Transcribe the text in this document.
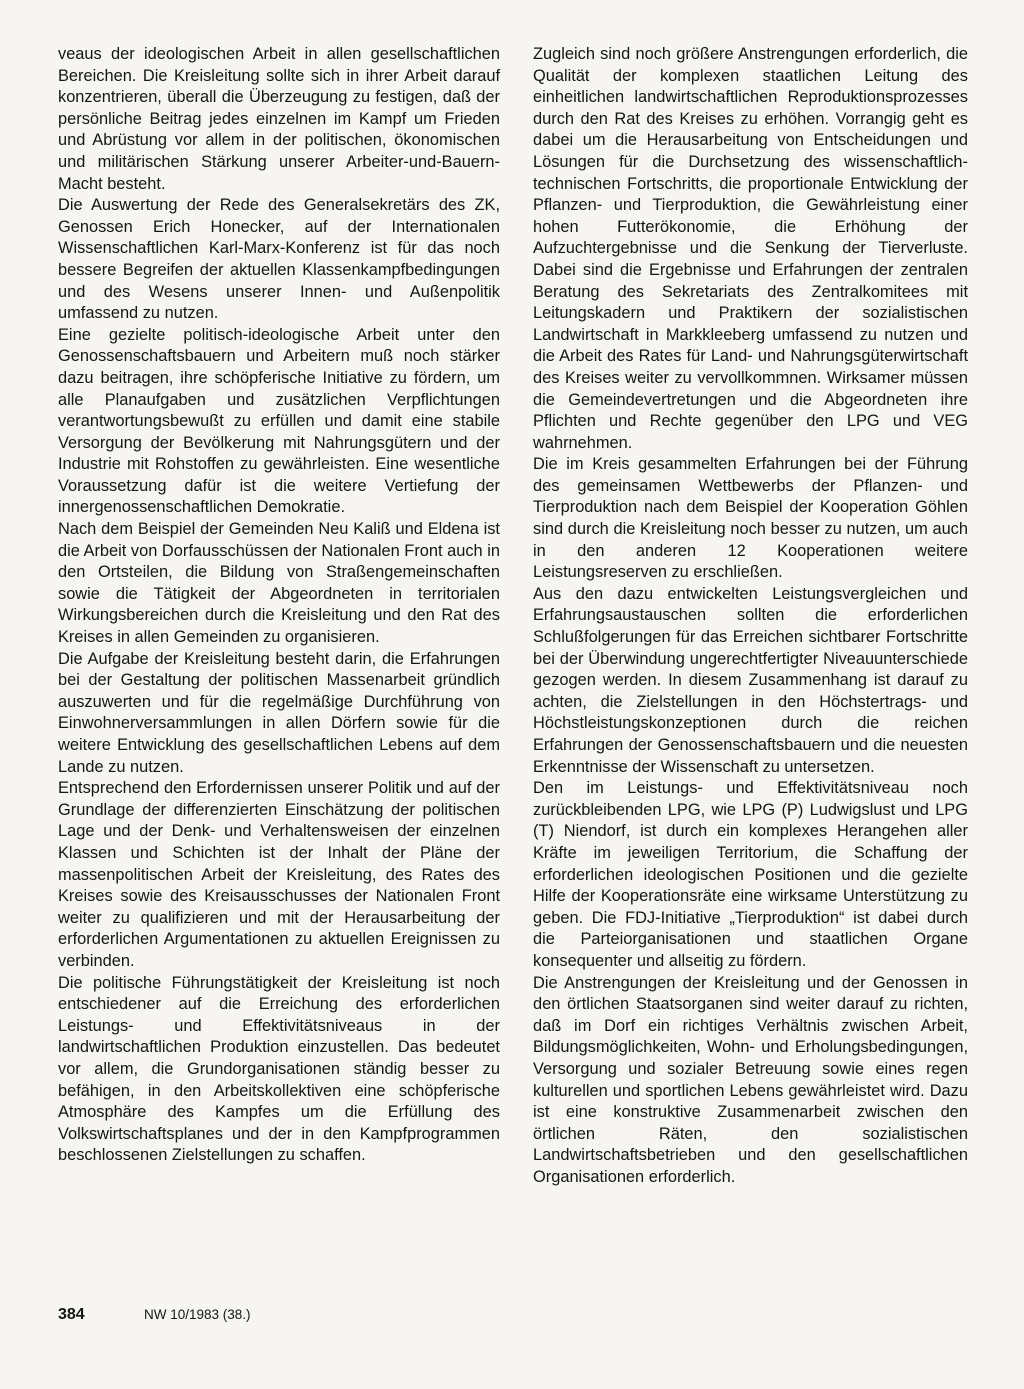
veaus der ideologischen Arbeit in allen gesellschaftlichen Bereichen. Die Kreisleitung sollte sich in ihrer Arbeit darauf konzentrieren, überall die Überzeugung zu festigen, daß der persönliche Beitrag jedes einzelnen im Kampf um Frieden und Abrüstung vor allem in der politischen, ökonomischen und militärischen Stärkung unserer Arbeiter-und-Bauern-Macht besteht.

Die Auswertung der Rede des Generalsekretärs des ZK, Genossen Erich Honecker, auf der Internationalen Wissenschaftlichen Karl-Marx-Konferenz ist für das noch bessere Begreifen der aktuellen Klassenkampfbedingungen und des Wesens unserer Innen- und Außenpolitik umfassend zu nutzen.

Eine gezielte politisch-ideologische Arbeit unter den Genossenschaftsbauern und Arbeitern muß noch stärker dazu beitragen, ihre schöpferische Initiative zu fördern, um alle Planaufgaben und zusätzlichen Verpflichtungen verantwortungsbewußt zu erfüllen und damit eine stabile Versorgung der Bevölkerung mit Nahrungsgütern und der Industrie mit Rohstoffen zu gewährleisten. Eine wesentliche Voraussetzung dafür ist die weitere Vertiefung der innergenossenschaftlichen Demokratie.

Nach dem Beispiel der Gemeinden Neu Kaliß und Eldena ist die Arbeit von Dorfausschüssen der Nationalen Front auch in den Ortsteilen, die Bildung von Straßengemeinschaften sowie die Tätigkeit der Abgeordneten in territorialen Wirkungsbereichen durch die Kreisleitung und den Rat des Kreises in allen Gemeinden zu organisieren.

Die Aufgabe der Kreisleitung besteht darin, die Erfahrungen bei der Gestaltung der politischen Massenarbeit gründlich auszuwerten und für die regelmäßige Durchführung von Einwohnerversammlungen in allen Dörfern sowie für die weitere Entwicklung des gesellschaftlichen Lebens auf dem Lande zu nutzen.

Entsprechend den Erfordernissen unserer Politik und auf der Grundlage der differenzierten Einschätzung der politischen Lage und der Denk- und Verhaltensweisen der einzelnen Klassen und Schichten ist der Inhalt der Pläne der massenpolitischen Arbeit der Kreisleitung, des Rates des Kreises sowie des Kreisausschusses der Nationalen Front weiter zu qualifizieren und mit der Herausarbeitung der erforderlichen Argumentationen zu aktuellen Ereignissen zu verbinden.

Die politische Führungstätigkeit der Kreisleitung ist noch entschiedener auf die Erreichung des erforderlichen Leistungs- und Effektivitätsniveaus in der landwirtschaftlichen Produktion einzustellen. Das bedeutet vor allem, die Grundorganisationen ständig besser zu befähigen, in den Arbeitskollektiven eine schöpferische Atmosphäre des Kampfes um die Erfüllung des Volkswirtschaftsplanes und der in den Kampfprogrammen beschlossenen Zielstellungen zu schaffen.

Zugleich sind noch größere Anstrengungen erforderlich, die Qualität der komplexen staatlichen Leitung des einheitlichen landwirtschaftlichen Reproduktionsprozesses durch den Rat des Kreises zu erhöhen. Vorrangig geht es dabei um die Herausarbeitung von Entscheidungen und Lösungen für die Durchsetzung des wissenschaftlich-technischen Fortschritts, die proportionale Entwicklung der Pflanzen- und Tierproduktion, die Gewährleistung einer hohen Futterökonomie, die Erhöhung der Aufzuchtergebnisse und die Senkung der Tierverluste. Dabei sind die Ergebnisse und Erfahrungen der zentralen Beratung des Sekretariats des Zentralkomitees mit Leitungskadern und Praktikern der sozialistischen Landwirtschaft in Markkleeberg umfassend zu nutzen und die Arbeit des Rates für Land- und Nahrungsgüterwirtschaft des Kreises weiter zu vervollkommnen. Wirksamer müssen die Gemeindevertretungen und die Abgeordneten ihre Pflichten und Rechte gegenüber den LPG und VEG wahrnehmen.

Die im Kreis gesammelten Erfahrungen bei der Führung des gemeinsamen Wettbewerbs der Pflanzen- und Tierproduktion nach dem Beispiel der Kooperation Göhlen sind durch die Kreisleitung noch besser zu nutzen, um auch in den anderen 12 Kooperationen weitere Leistungsreserven zu erschließen.

Aus den dazu entwickelten Leistungsvergleichen und Erfahrungsaustauschen sollten die erforderlichen Schlußfolgerungen für das Erreichen sichtbarer Fortschritte bei der Überwindung ungerechtfertigter Niveauunterschiede gezogen werden. In diesem Zusammenhang ist darauf zu achten, die Zielstellungen in den Höchstertrags- und Höchstleistungskonzeptionen durch die reichen Erfahrungen der Genossenschaftsbauern und die neuesten Erkenntnisse der Wissenschaft zu untersetzen.

Den im Leistungs- und Effektivitätsniveau noch zurückbleibenden LPG, wie LPG (P) Ludwigslust und LPG (T) Niendorf, ist durch ein komplexes Herangehen aller Kräfte im jeweiligen Territorium, die Schaffung der erforderlichen ideologischen Positionen und die gezielte Hilfe der Kooperationsräte eine wirksame Unterstützung zu geben. Die FDJ-Initiative „Tierproduktion“ ist dabei durch die Parteiorganisationen und staatlichen Organe konsequenter und allseitig zu fördern.

Die Anstrengungen der Kreisleitung und der Genossen in den örtlichen Staatsorganen sind weiter darauf zu richten, daß im Dorf ein richtiges Verhältnis zwischen Arbeit, Bildungsmöglichkeiten, Wohn- und Erholungsbedingungen, Versorgung und sozialer Betreuung sowie eines regen kulturellen und sportlichen Lebens gewährleistet wird. Dazu ist eine konstruktive Zusammenarbeit zwischen den örtlichen Räten, den sozialistischen Landwirtschaftsbetrieben und den gesellschaftlichen Organisationen erforderlich.

384	NW 10/1983 (38.)
